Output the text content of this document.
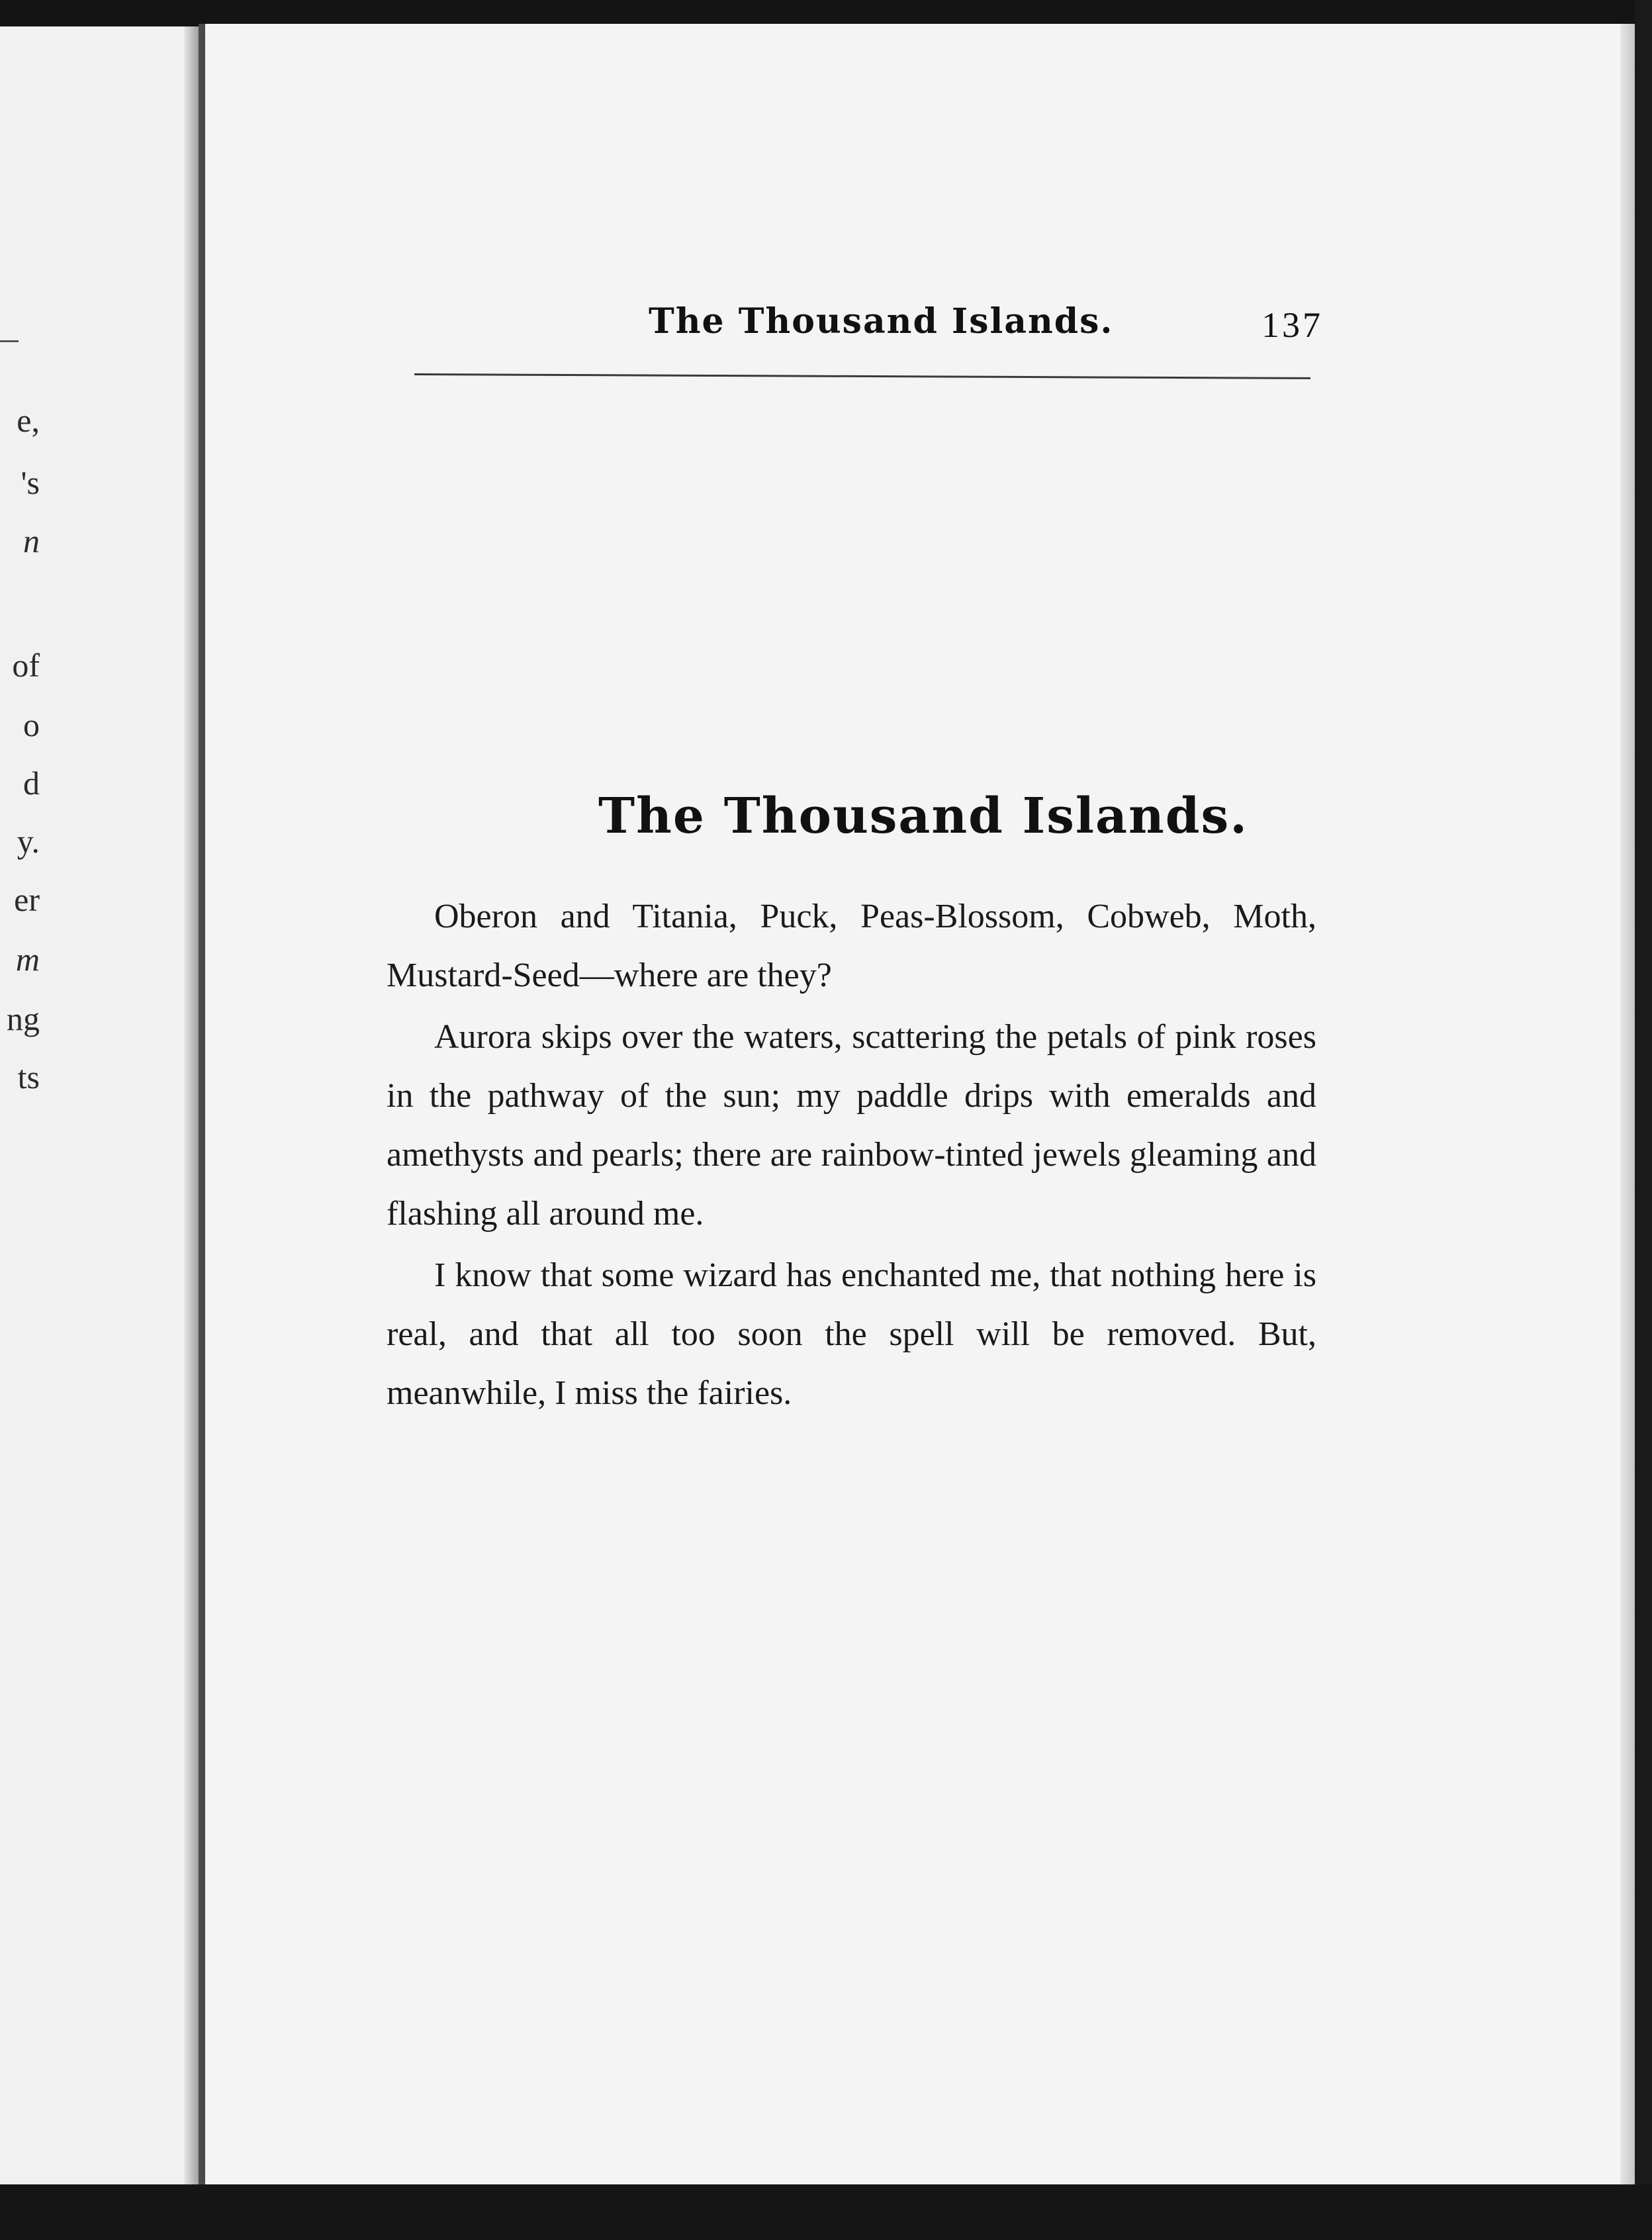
e,
's
n
of
o
d
y.
er
m
ng
ts
The Thousand Islands.	137
The Thousand Islands.

Oberon and Titania, Puck, Peas-Blossom, Cobweb, Moth, Mustard-Seed—where are they?

Aurora skips over the waters, scattering the petals of pink roses in the pathway of the sun; my paddle drips with emeralds and amethysts and pearls; there are rainbow-tinted jewels gleaming and flashing all around me.

I know that some wizard has enchanted me, that nothing here is real, and that all too soon the spell will be removed. But, meanwhile, I miss the fairies.
